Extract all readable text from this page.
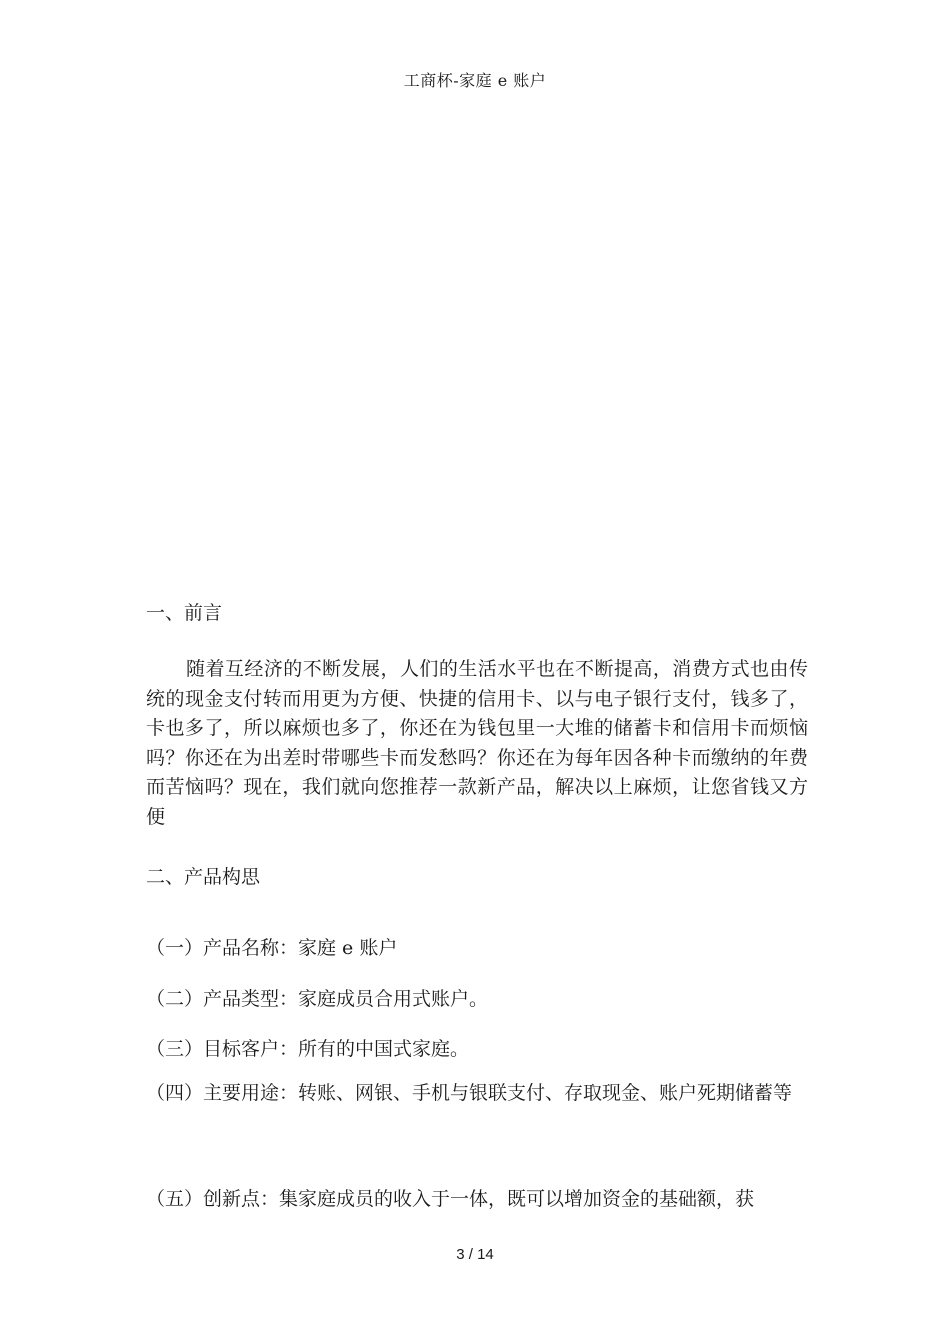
工商杯-家庭 e 账户
一、前言
随着互经济的不断发展，人们的生活水平也在不断提高，消费方式也由传统的现金支付转而用更为方便、快捷的信用卡、以与电子银行支付，钱多了，卡也多了，所以麻烦也多了，你还在为钱包里一大堆的储蓄卡和信用卡而烦恼吗？你还在为出差时带哪些卡而发愁吗？你还在为每年因各种卡而缴纳的年费而苦恼吗？现在，我们就向您推荐一款新产品，解决以上麻烦，让您省钱又方便
二、产品构思
（一）产品名称：家庭 e 账户
（二）产品类型：家庭成员合用式账户。
（三）目标客户：所有的中国式家庭。
（四）主要用途：转账、网银、手机与银联支付、存取现金、账户死期储蓄等
（五）创新点：集家庭成员的收入于一体，既可以增加资金的基础额，获
3 / 14
